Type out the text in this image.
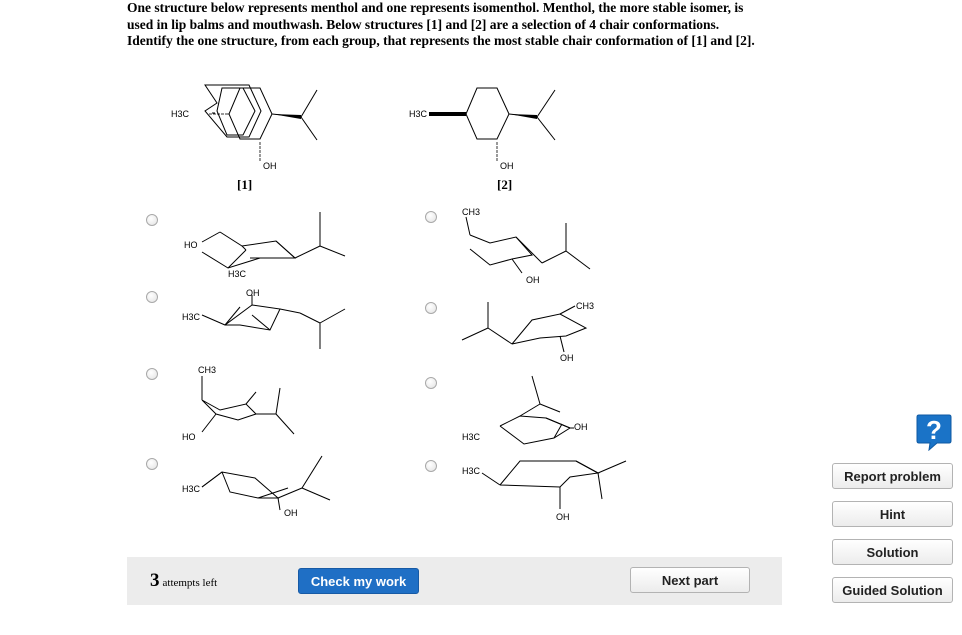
One structure below represents menthol and one represents isomenthol. Menthol, the more stable isomer, is used in lip balms and mouthwash. Below structures [1] and [2] are a selection of 4 chair conformations. Identify the one structure, from each group, that represents the most stable chair conformation of [1] and [2].
H3C
OH
[1]
H3C
OH
[2]
HO
H3C
OH
H3C
CH3
HO
H3C
OH
CH3
OH
CH3
OH
OH
H3C
H3C
OH
3 attempts left	Check my work	Next part
?
Report problem
Hint
Solution
Guided Solution
